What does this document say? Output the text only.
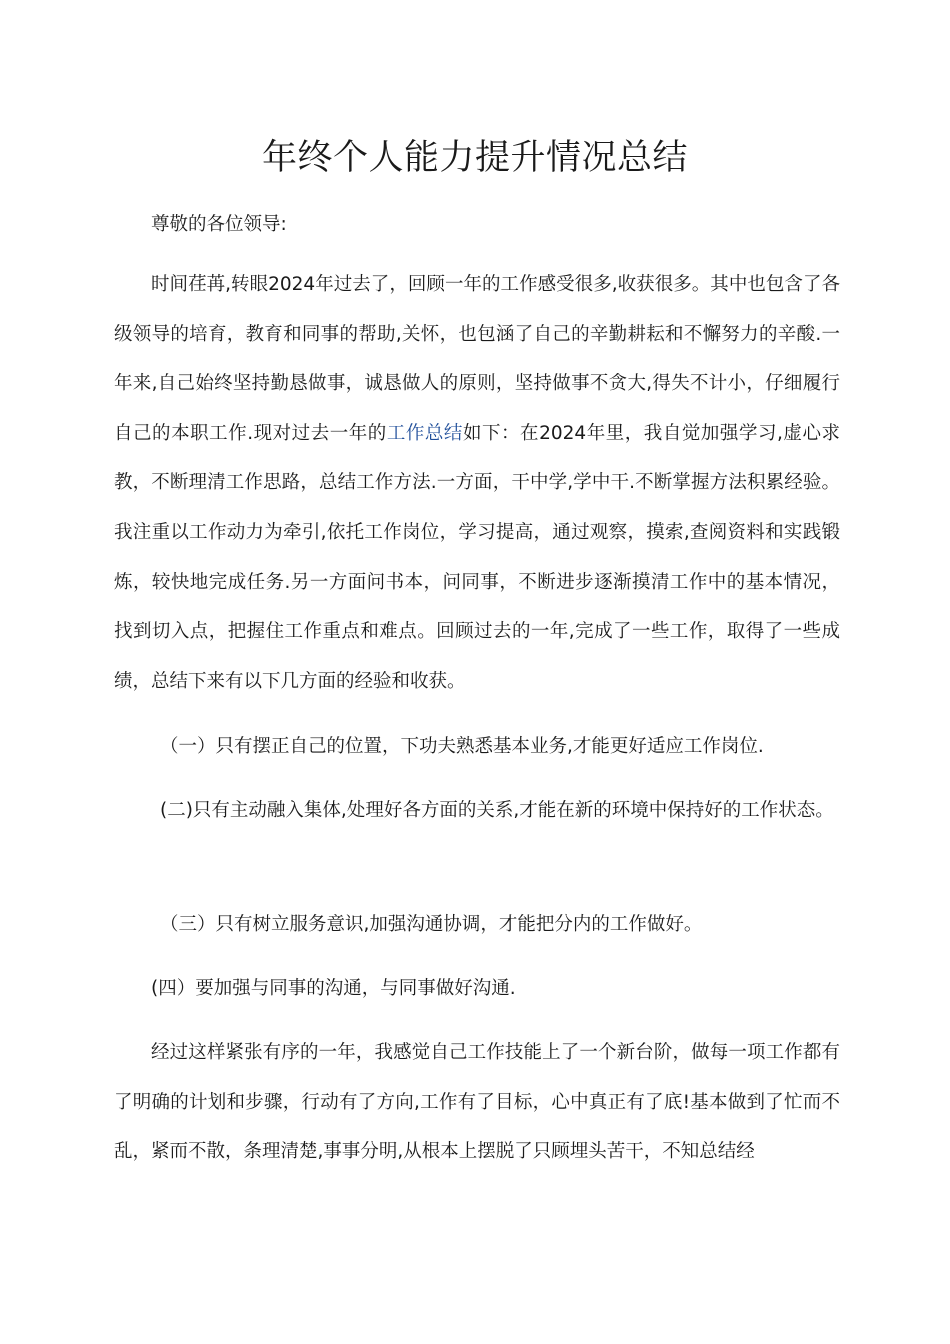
年终个人能力提升情况总结

尊敬的各位领导:

时间荏苒,转眼2024年过去了，回顾一年的工作感受很多,收获很多。其中也包含了各级领导的培育，教育和同事的帮助,关怀，也包涵了自己的辛勤耕耘和不懈努力的辛酸.一年来,自己始终坚持勤恳做事，诚恳做人的原则，坚持做事不贪大,得失不计小，仔细履行自己的本职工作.现对过去一年的工作总结如下：在2024年里，我自觉加强学习,虚心求教，不断理清工作思路，总结工作方法.一方面，干中学,学中干.不断掌握方法积累经验。我注重以工作动力为牵引,依托工作岗位，学习提高，通过观察，摸索,查阅资料和实践锻炼，较快地完成任务.另一方面问书本，问同事，不断进步逐渐摸清工作中的基本情况，找到切入点，把握住工作重点和难点。回顾过去的一年,完成了一些工作，取得了一些成绩，总结下来有以下几方面的经验和收获。

（一）只有摆正自己的位置，下功夫熟悉基本业务,才能更好适应工作岗位.

(二)只有主动融入集体,处理好各方面的关系,才能在新的环境中保持好的工作状态。

（三）只有树立服务意识,加强沟通协调，才能把分内的工作做好。

(四）要加强与同事的沟通，与同事做好沟通.

经过这样紧张有序的一年，我感觉自己工作技能上了一个新台阶，做每一项工作都有了明确的计划和步骤，行动有了方向,工作有了目标，心中真正有了底!基本做到了忙而不乱，紧而不散，条理清楚,事事分明,从根本上摆脱了只顾埋头苦干，不知总结经
